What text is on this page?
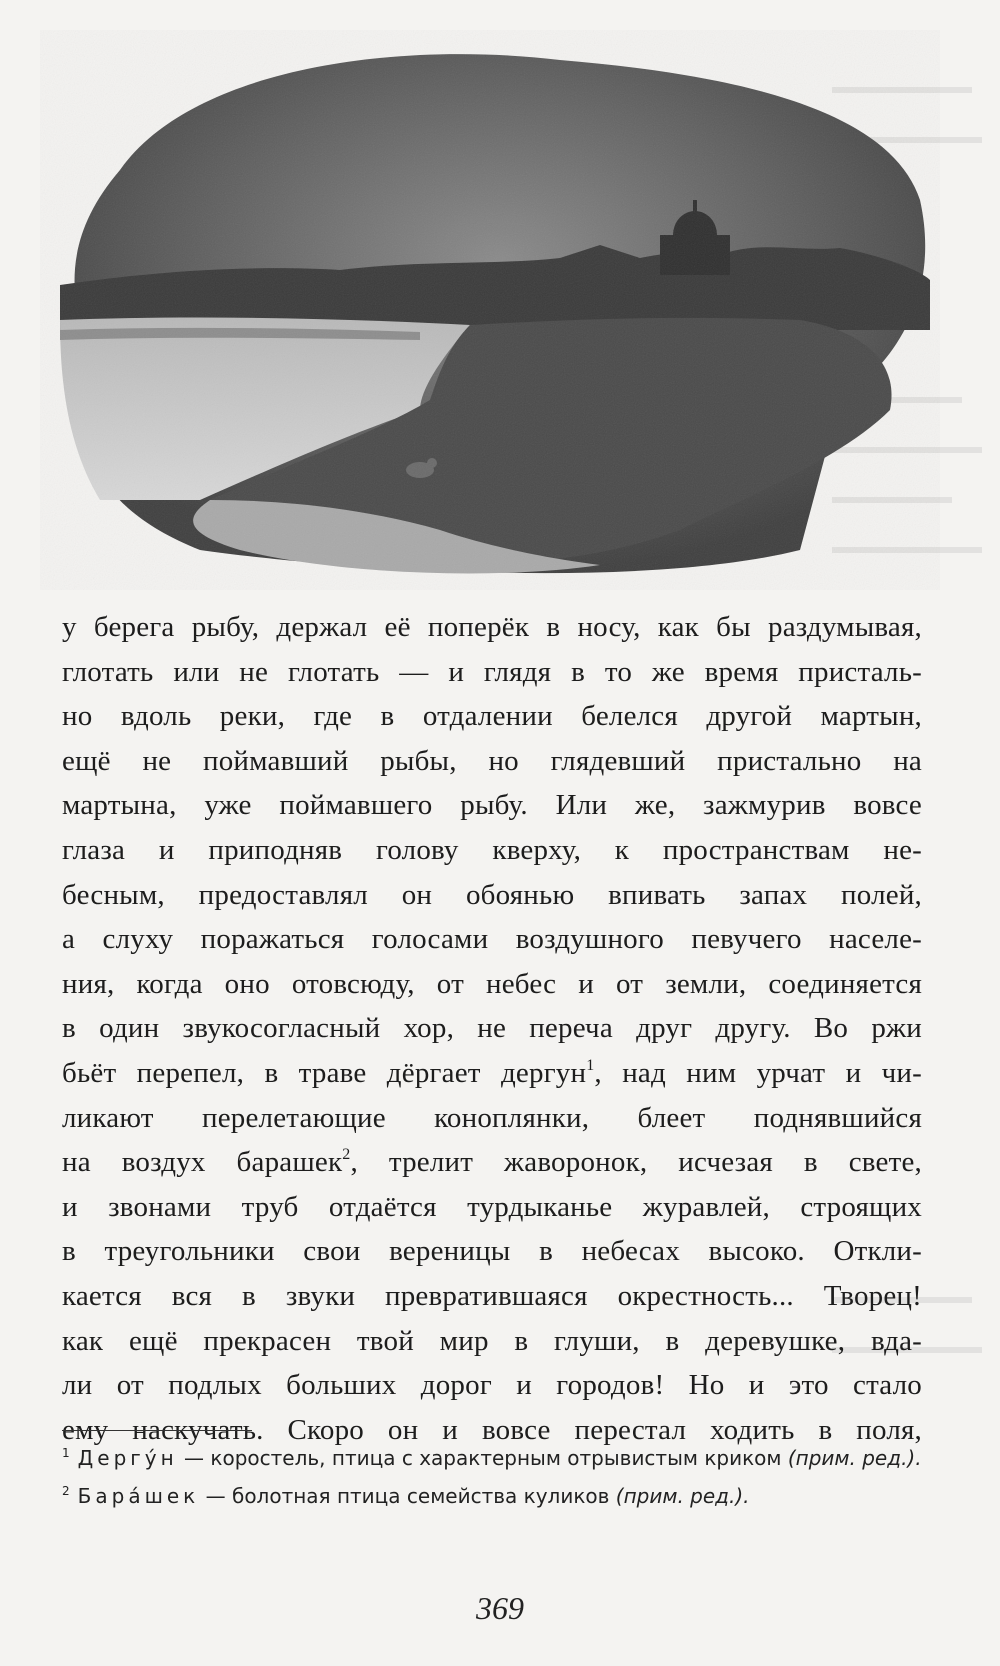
у берега рыбу, держал её поперёк в носу, как бы раздумывая,
глотать или не глотать — и глядя в то же время присталь-
но вдоль реки, где в отдалении белелся другой мартын,
ещё не поймавший рыбы, но глядевший пристально на
мартына, уже поймавшего рыбу. Или же, зажмурив вовсе
глаза и приподняв голову кверху, к пространствам не-
бесным, предоставлял он обоянью впивать запах полей,
а слуху поражаться голосами воздушного певучего населе-
ния, когда оно отовсюду, от небес и от земли, соединяется
в один звукосогласный хор, не переча друг другу. Во ржи
бьёт перепел, в траве дёргает дергун$^1$, над ним урчат и чи-
ликают перелетающие коноплянки, блеет поднявшийся
на воздух барашек$^2$, трелит жаворонок, исчезая в свете,
и звонами труб отдаётся турдыканье журавлей, строящих
в треугольники свои вереницы в небесах высоко. Откли-
кается вся в звуки превратившаяся окрестность... Творец!
как ещё прекрасен твой мир в глуши, в деревушке, вда-
ли от подлых больших дорог и городов! Но и это стало
ему наскучать. Скоро он и вовсе перестал ходить в поля,

$^1$ Дергу́н — коростель, птица с характерным отрывистым криком (прим. ред.).

$^2$ Бара́шек — болотная птица семейства куликов (прим. ред.).

369
